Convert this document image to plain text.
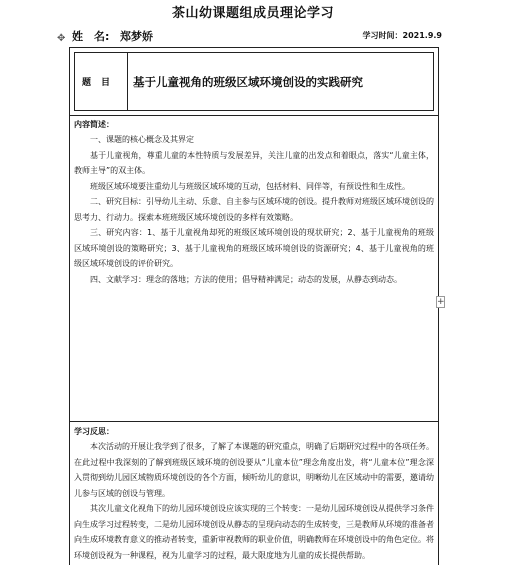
茶山幼课题组成员理论学习
✥ 姓　名: 郑梦娇	学习时间：2021.9.9
题目	基于儿童视角的班级区域环境创设的实践研究
内容简述：

一、课题的核心概念及其界定

基于儿童视角，尊重儿童的本性特质与发展差异，关注儿童的出发点和着眼点，落实“儿童主体，教师主导”的双主体。

班级区域环境要注重幼儿与班级区域环境的互动，包括材料、同伴等，有预设性和生成性。

二、研究目标：引导幼儿主动、乐意、自主参与区域环境的创设。提升教师对班级区域环境创设的思考力、行动力。探索本班班级区域环境创设的多样有效策略。

三、研究内容：1、基于儿童视角却死的班级区域环境创设的现状研究；2、基于儿童视角的班级区域环境创设的策略研究；3、基于儿童视角的班级区域环境创设的资源研究；4、基于儿童视角的班级区域环境创设的评价研究。

四、文献学习：理念的落地；方法的使用；倡导精神满足；动态的发展，从静态到动态。

学习反思：

本次活动的开展让我学到了很多，了解了本课题的研究重点，明确了后期研究过程中的各项任务。在此过程中我深刻的了解到班级区域环境的创设要从“儿童本位”理念角度出发，将“儿童本位”理念深入贯彻到幼儿园区域物质环境创设的各个方面，倾听幼儿的意识，明晰幼儿在区域动中的需要，邀请幼儿参与区域的创设与管理。

其次儿童文化视角下的幼儿园环境创设应该实现的三个转变：一是幼儿园环境创设从提供学习条件向生成学习过程转变，二是幼儿园环境创设从静态的呈现向动态的生成转变，三是教师从环境的准备者向生成环境教育意义的推动者转变，重新审视教师的职业价值，明确教师在环境创设中的角色定位。将环境创设视为一种课程，视为儿童学习的过程，最大限度地为儿童的成长提供帮助。

+
